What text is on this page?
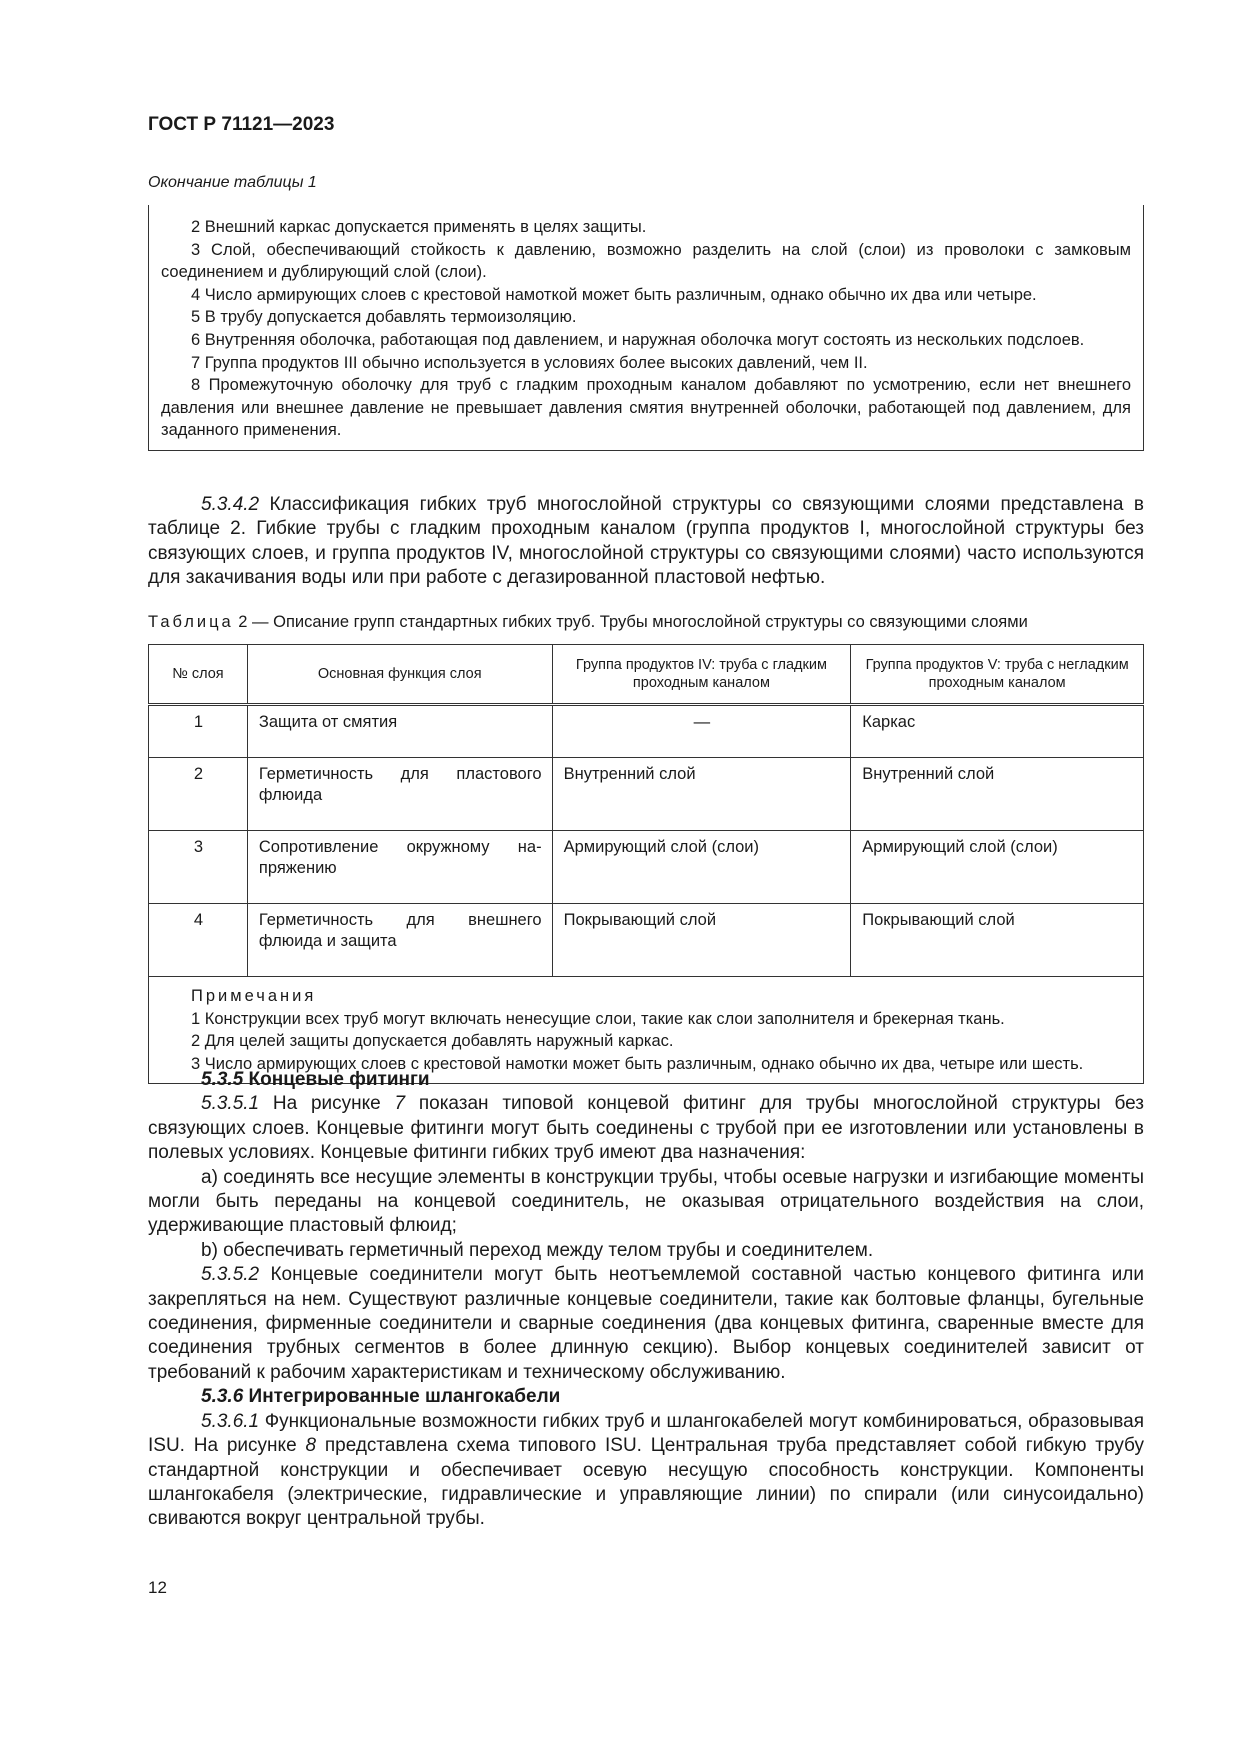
ГОСТ Р 71121—2023
Окончание таблицы 1

2 Внешний каркас допускается применять в целях защиты.

3 Слой, обеспечивающий стойкость к давлению, возможно разделить на слой (слои) из проволоки с замковым соединением и дублирующий слой (слои).

4 Число армирующих слоев с крестовой намоткой может быть различным, однако обычно их два или четыре.

5 В трубу допускается добавлять термоизоляцию.

6 Внутренняя оболочка, работающая под давлением, и наружная оболочка могут состоять из нескольких подслоев.

7 Группа продуктов III обычно используется в условиях более высоких давлений, чем II.

8 Промежуточную оболочку для труб с гладким проходным каналом добавляют по усмотрению, если нет внешнего давления или внешнее давление не превышает давления смятия внутренней оболочки, работающей под давлением, для заданного применения.

5.3.4.2 Классификация гибких труб многослойной структуры со связующими слоями представлена в таблице 2. Гибкие трубы с гладким проходным каналом (группа продуктов I, многослойной структуры без связующих слоев, и группа продуктов IV, многослойной структуры со связующими слоями) часто используются для закачивания воды или при работе с дегазированной пластовой нефтью.

Таблица 2 — Описание групп стандартных гибких труб. Трубы многослойной структуры со связующими слоями
№ слоя	Основная функция слоя	Группа продуктов IV: труба с гладким проходным каналом	Группа продуктов V: труба с негладким проходным каналом
1	Защита от смятия	—	Каркас
2	Герметичность для пластового флюида	Внутренний слой	Внутренний слой
3	Сопротивление окружному напряжению	Армирующий слой (слои)	Армирующий слой (слои)
4	Герметичность для внешнего флюида и защита	Покрывающий слой	Покрывающий слой

Примечания

1 Конструкции всех труб могут включать ненесущие слои, такие как слои заполнителя и брекерная ткань.

2 Для целей защиты допускается добавлять наружный каркас.

3 Число армирующих слоев с крестовой намотки может быть различным, однако обычно их два, четыре или шесть.			

5.3.5 Концевые фитинги

5.3.5.1 На рисунке 7 показан типовой концевой фитинг для трубы многослойной структуры без связующих слоев. Концевые фитинги могут быть соединены с трубой при ее изготовлении или установлены в полевых условиях. Концевые фитинги гибких труб имеют два назначения:

a) соединять все несущие элементы в конструкции трубы, чтобы осевые нагрузки и изгибающие моменты могли быть переданы на концевой соединитель, не оказывая отрицательного воздействия на слои, удерживающие пластовый флюид;

b) обеспечивать герметичный переход между телом трубы и соединителем.

5.3.5.2 Концевые соединители могут быть неотъемлемой составной частью концевого фитинга или закрепляться на нем. Существуют различные концевые соединители, такие как болтовые фланцы, бугельные соединения, фирменные соединители и сварные соединения (два концевых фитинга, сваренные вместе для соединения трубных сегментов в более длинную секцию). Выбор концевых соединителей зависит от требований к рабочим характеристикам и техническому обслуживанию.

5.3.6 Интегрированные шлангокабели

5.3.6.1 Функциональные возможности гибких труб и шлангокабелей могут комбинироваться, образовывая ISU. На рисунке 8 представлена схема типового ISU. Центральная труба представляет собой гибкую трубу стандартной конструкции и обеспечивает осевую несущую способность конструкции. Компоненты шлангокабеля (электрические, гидравлические и управляющие линии) по спирали (или синусоидально) свиваются вокруг центральной трубы.

12
